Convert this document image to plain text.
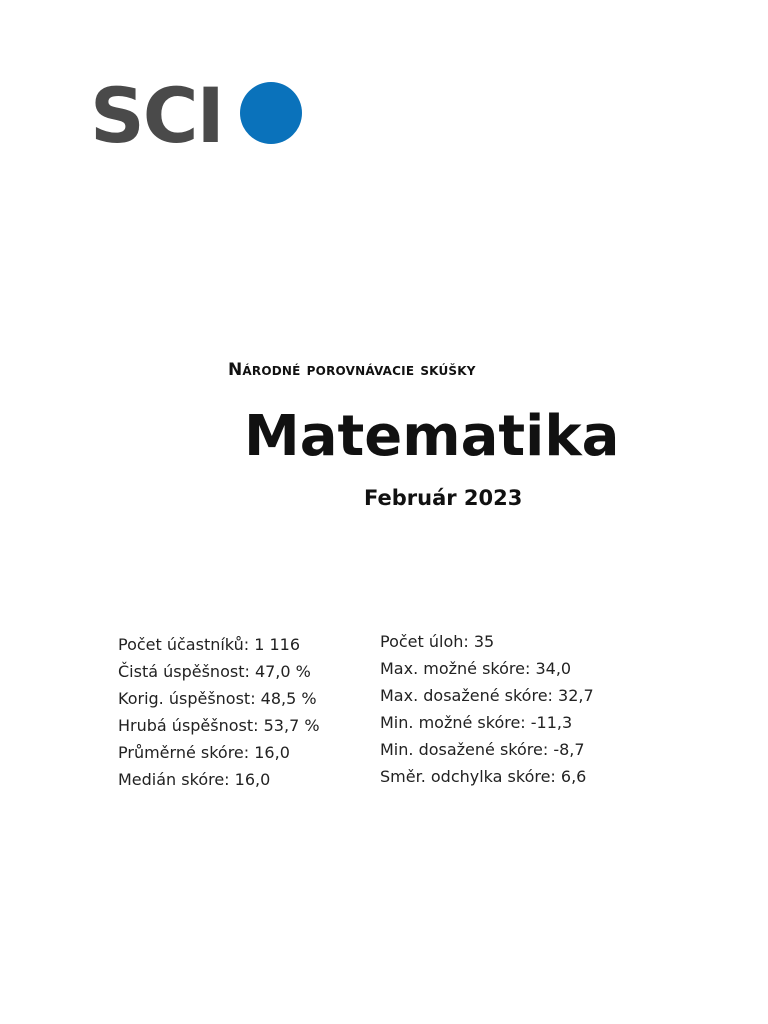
SCI
Národné porovnávacie skúšky
Matematika
Február 2023
Počet účastníků: 1 116
Čistá úspěšnost: 47,0 %
Korig. úspěšnost: 48,5 %
Hrubá úspěšnost: 53,7 %
Průměrné skóre: 16,0
Medián skóre: 16,0
Počet úloh: 35
Max. možné skóre: 34,0
Max. dosažené skóre: 32,7
Min. možné skóre: -11,3
Min. dosažené skóre: -8,7
Směr. odchylka skóre: 6,6
